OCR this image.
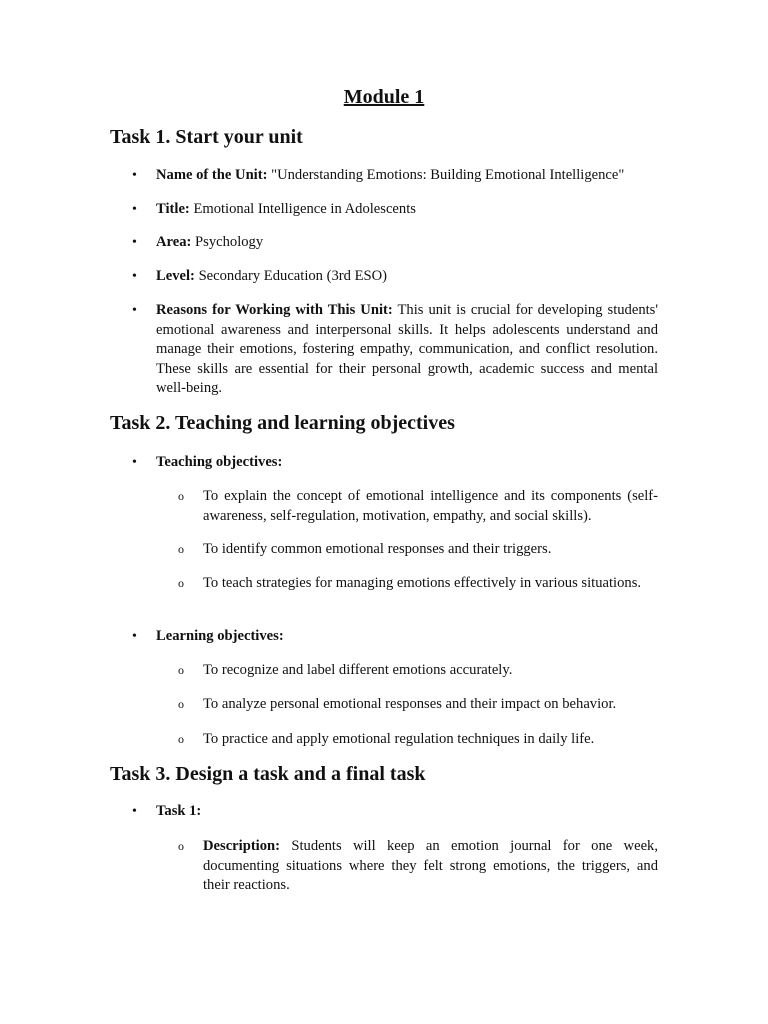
Module 1
Task 1. Start your unit
• Name of the Unit: "Understanding Emotions: Building Emotional Intelligence"

• Title: Emotional Intelligence in Adolescents

• Area: Psychology

• Level: Secondary Education (3rd ESO)

• Reasons for Working with This Unit: This unit is crucial for developing students' emotional awareness and interpersonal skills. It helps adolescents understand and manage their emotions, fostering empathy, communication, and conflict resolution. These skills are essential for their personal growth, academic success and mental well-being.

Task 2. Teaching and learning objectives
• Teaching objectives:

o To explain the concept of emotional intelligence and its components (self-awareness, self-regulation, motivation, empathy, and social skills).

o To identify common emotional responses and their triggers.

o To teach strategies for managing emotions effectively in various situations.

• Learning objectives:

o To recognize and label different emotions accurately.

o To analyze personal emotional responses and their impact on behavior.

o To practice and apply emotional regulation techniques in daily life.

Task 3. Design a task and a final task
• Task 1:

o Description: Students will keep an emotion journal for one week, documenting situations where they felt strong emotions, the triggers, and their reactions.
